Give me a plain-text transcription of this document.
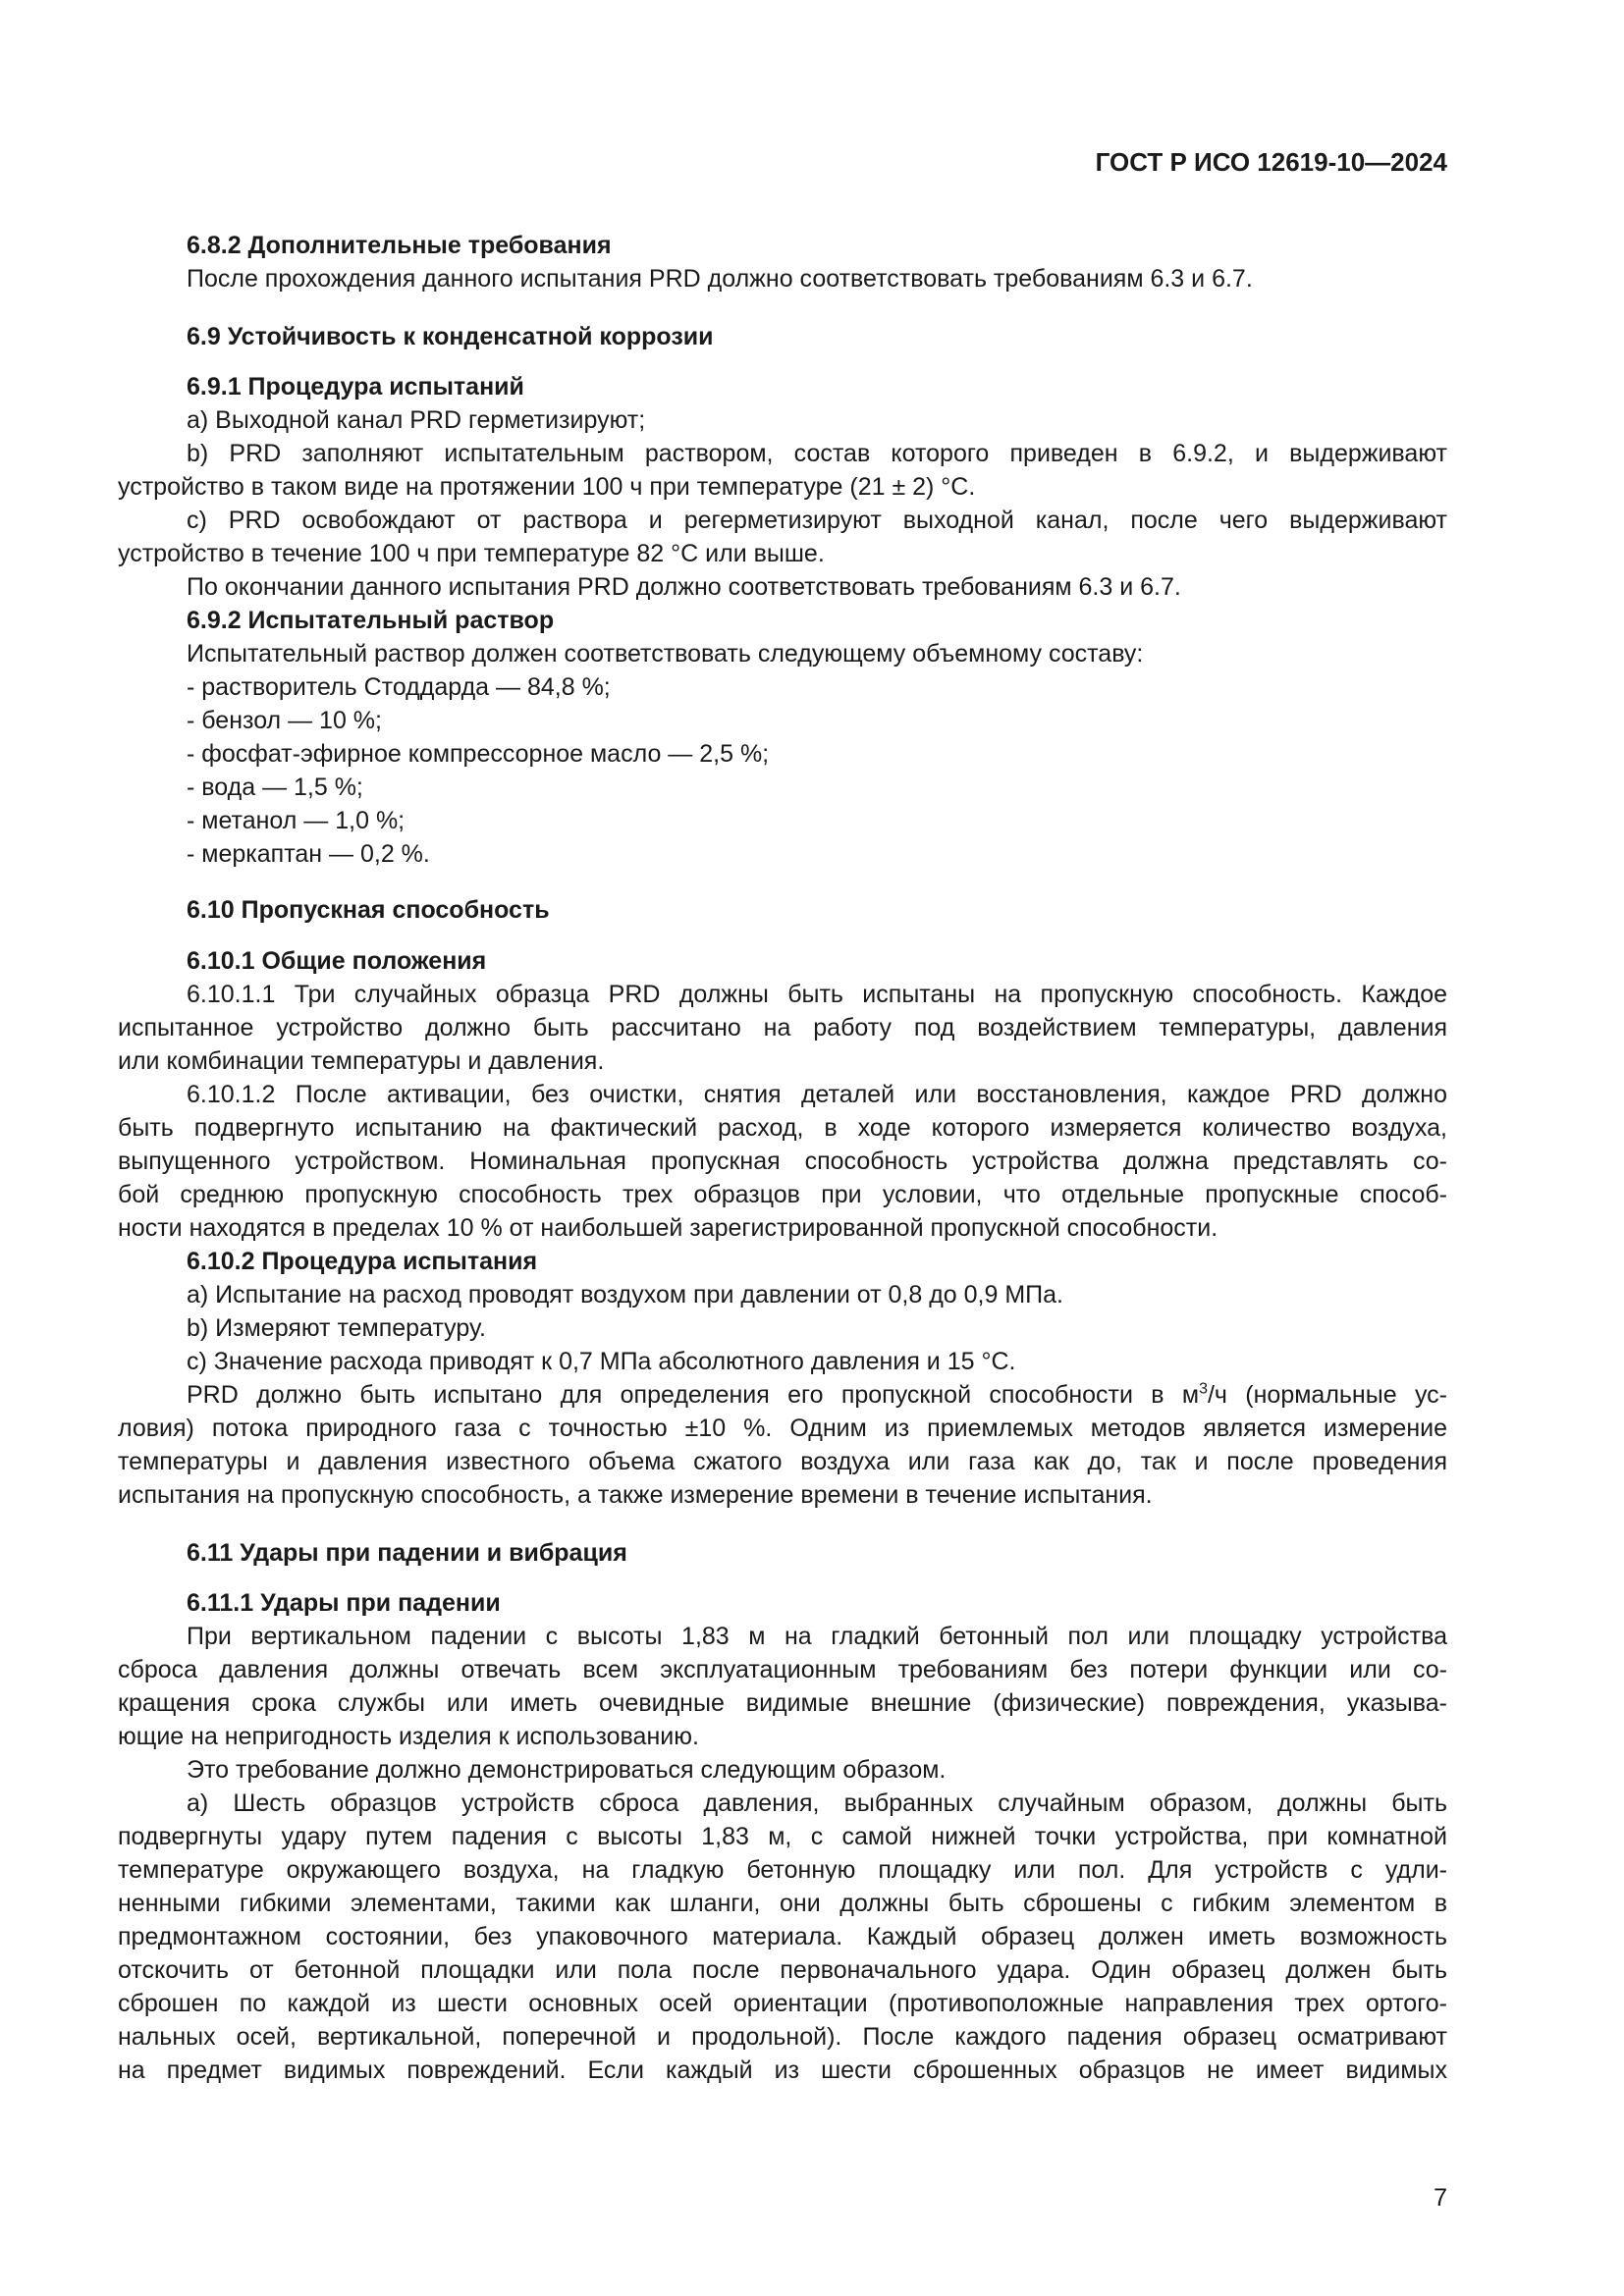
ГОСТ Р ИСО 12619-10—2024
6.8.2 Дополнительные требования
После прохождения данного испытания PRD должно соответствовать требованиям 6.3 и 6.7.
6.9 Устойчивость к конденсатной коррозии
6.9.1 Процедура испытаний
a) Выходной канал PRD герметизируют;
b) PRD заполняют испытательным раствором, состав которого приведен в 6.9.2, и выдерживают
устройство в таком виде на протяжении 100 ч при температуре (21 ± 2) °С.
c) PRD освобождают от раствора и регерметизируют выходной канал, после чего выдерживают
устройство в течение 100 ч при температуре 82 °С или выше.
По окончании данного испытания PRD должно соответствовать требованиям 6.3 и 6.7.
6.9.2 Испытательный раствор
Испытательный раствор должен соответствовать следующему объемному составу:
- растворитель Стоддарда — 84,8 %;
- бензол — 10 %;
- фосфат-эфирное компрессорное масло — 2,5 %;
- вода — 1,5 %;
- метанол — 1,0 %;
- меркаптан — 0,2 %.
6.10 Пропускная способность
6.10.1 Общие положения
6.10.1.1 Три случайных образца PRD должны быть испытаны на пропускную способность. Каждое
испытанное устройство должно быть рассчитано на работу под воздействием температуры, давления
или комбинации температуры и давления.
6.10.1.2 После активации, без очистки, снятия деталей или восстановления, каждое PRD должно
быть подвергнуто испытанию на фактический расход, в ходе которого измеряется количество воздуха,
выпущенного устройством. Номинальная пропускная способность устройства должна представлять со-
бой среднюю пропускную способность трех образцов при условии, что отдельные пропускные способ-
ности находятся в пределах 10 % от наибольшей зарегистрированной пропускной способности.
6.10.2 Процедура испытания
a) Испытание на расход проводят воздухом при давлении от 0,8 до 0,9 МПа.
b) Измеряют температуру.
c) Значение расхода приводят к 0,7 МПа абсолютного давления и 15 °С.
PRD должно быть испытано для определения его пропускной способности в $м^3/ч$ (нормальные ус-
ловия) потока природного газа с точностью ±10 %. Одним из приемлемых методов является измерение
температуры и давления известного объема сжатого воздуха или газа как до, так и после проведения
испытания на пропускную способность, а также измерение времени в течение испытания.
6.11 Удары при падении и вибрация
6.11.1 Удары при падении
При вертикальном падении с высоты 1,83 м на гладкий бетонный пол или площадку устройства
сброса давления должны отвечать всем эксплуатационным требованиям без потери функции или со-
кращения срока службы или иметь очевидные видимые внешние (физические) повреждения, указыва-
ющие на непригодность изделия к использованию.
Это требование должно демонстрироваться следующим образом.
a) Шесть образцов устройств сброса давления, выбранных случайным образом, должны быть
подвергнуты удару путем падения с высоты 1,83 м, с самой нижней точки устройства, при комнатной
температуре окружающего воздуха, на гладкую бетонную площадку или пол. Для устройств с удли-
ненными гибкими элементами, такими как шланги, они должны быть сброшены с гибким элементом в
предмонтажном состоянии, без упаковочного материала. Каждый образец должен иметь возможность
отскочить от бетонной площадки или пола после первоначального удара. Один образец должен быть
сброшен по каждой из шести основных осей ориентации (противоположные направления трех ортого-
нальных осей, вертикальной, поперечной и продольной). После каждого падения образец осматривают
на предмет видимых повреждений. Если каждый из шести сброшенных образцов не имеет видимых
7
